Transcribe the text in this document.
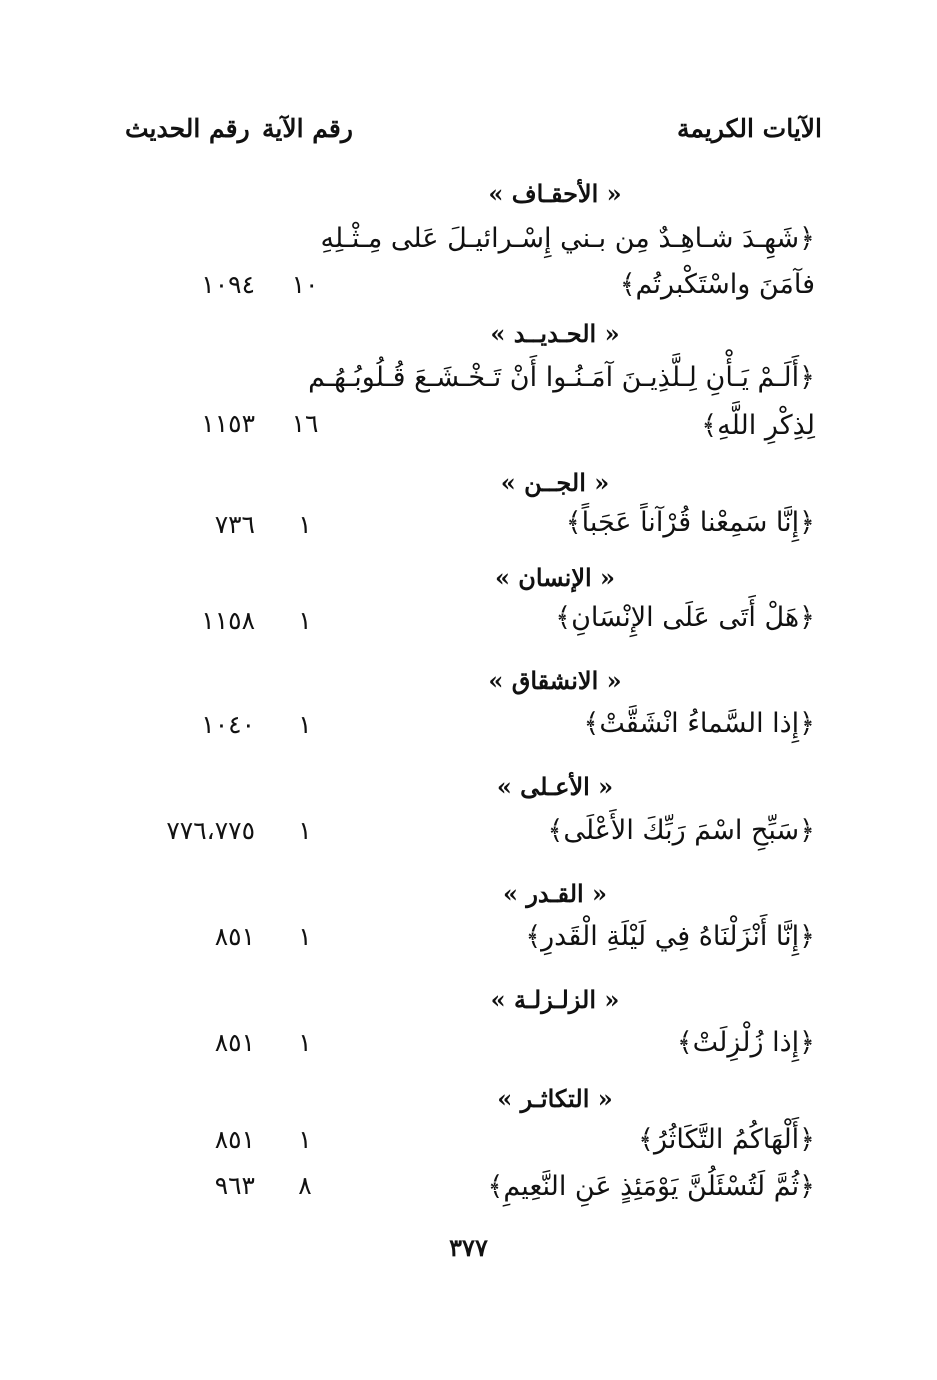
الآيات الكريمة
رقم الآية
رقم الحديث
« الأحقـاف »
﴿شَهِـدَ شـاهِـدٌ مِن بـني إِسْـرائيـلَ عَلى مِـثْـلِهِ
فآمَنَ واسْتَكْبرتُم﴾
١٠
١٠٩٤
« الحـديــد »
﴿أَلَـمْ يَـأْنِ لِـلَّذِيـنَ آمَـنُـوا أَنْ تَـخْـشَـعَ قُـلُوبُـهُـم
لِذِكْرِ اللَّهِ﴾
١٦
١١٥٣
« الجــن »
﴿إِنَّا سَمِعْنا قُرْآناً عَجَباً﴾
١
٧٣٦
« الإنسان »
﴿هَلْ أَتَى عَلَى الإِنْسَانِ﴾
١
١١٥٨
« الانشقاق »
﴿إِذا السَّماءُ انْشَقَّتْ﴾
١
١٠٤٠
« الأعـلى »
﴿سَبِّحِ اسْمَ رَبِّكَ الأَعْلَى﴾
١
٧٧٦،٧٧٥
« القـدر »
﴿إِنَّا أَنْزَلْنَاهُ فِي لَيْلَةِ الْقَدرِ﴾
١
٨٥١
« الزلـزلـة »
﴿إِذا زُلْزِلَتْ﴾
١
٨٥١
« التكاثـر »
﴿أَلْهَاكُمُ التَّكَاثُرُ﴾
١
٨٥١
﴿ثُمَّ لَتُسْئَلُنَّ يَوْمَئِذٍ عَنِ النَّعِيمِ﴾
٨
٩٦٣
٣٧٧
